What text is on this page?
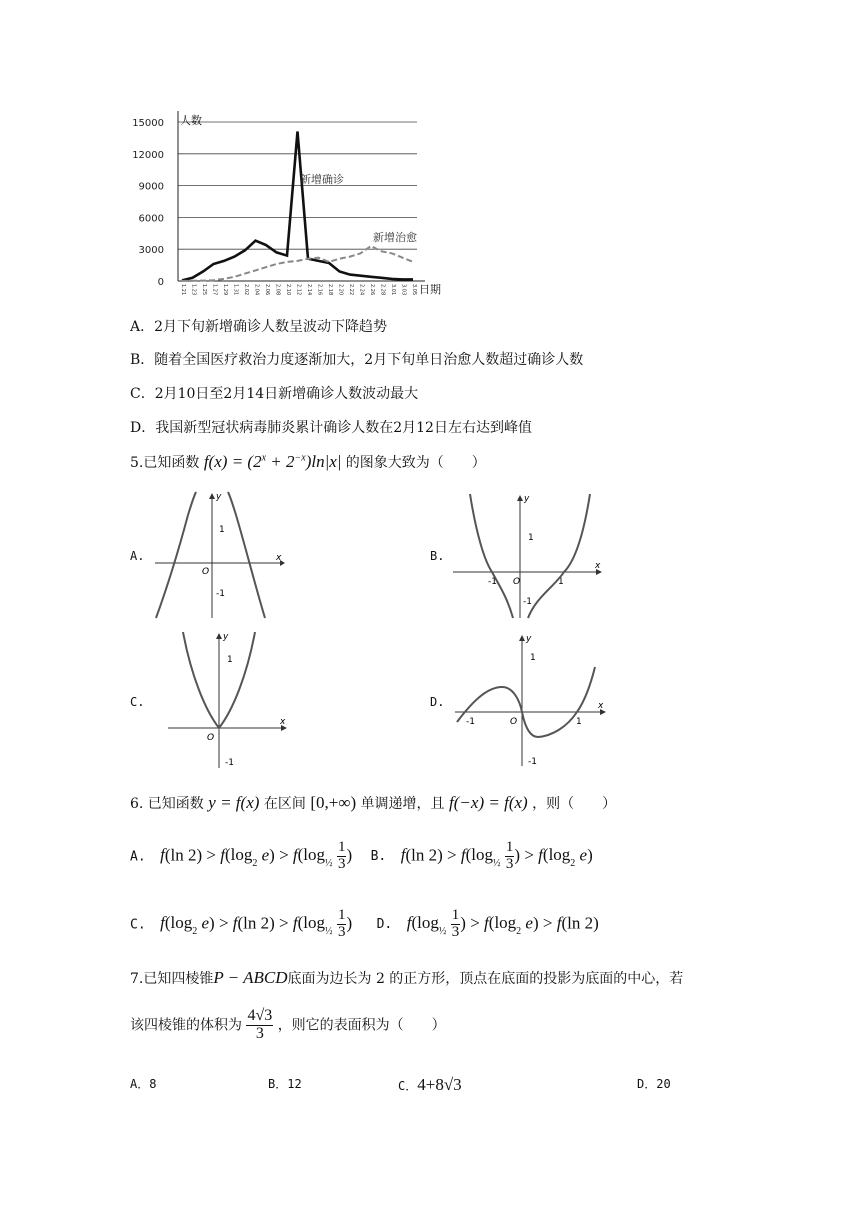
15000
12000
9000
6000
3000
0
1.21 1.23 1.25 1.27 1.29 1.31 2.02 2.04 2.06 2.08 2.10 2.12 2.14 2.16 2.18 2.20 2.22 2.24 2.26 2.28 3.01 3.03 3.05
人数
日期
新增确诊
新增治愈
A．2月下旬新增确诊人数呈波动下降趋势
B．随着全国医疗救治力度逐渐加大，2月下旬单日治愈人数超过确诊人数
C．2月10日至2月14日新增确诊人数波动最大
D．我国新型冠状病毒肺炎累计确诊人数在2月12日左右达到峰值
5.已知函数 $f(x) = (2^x + 2^{-x})\ln|x|$ 的图象大致为（　　）
A.	B.
C.	D.
x
y
O
1
-1
x
y
O
1
-1
-1	1
x
y
O
1
-1
x
y
O
1
-1
-1	1
6. 已知函数 y = f(x) 在区间 [0,+∞) 单调递增，且 f(−x) = f(x) ，则（　　）
A. f(ln $2) > f(\log_2$ $e) > f(\log_{\frac{1}{2}} \frac{1}{3}$ ) B. f(ln $2) > f(\log_{\frac{1}{2}} \frac{1}{3}$ ) > $f(\log_2$ e)
C. $f(\log_2$ e) > f(ln $2) > f(\log_{\frac{1}{2}} \frac{1}{3}$ ) D. $f(\log_{\frac{1}{2}} \frac{1}{3}$ ) > $f(\log_2$ e) > f(ln 2)
7.已知四棱锥P − ABCD底面为边长为 2 的正方形，顶点在底面的投影为底面的中心，若
该四棱锥的体积为 $\frac{4√3}{3}$ ，则它的表面积为（　　）
A．8	B．12	C．4+8√3	D．20
